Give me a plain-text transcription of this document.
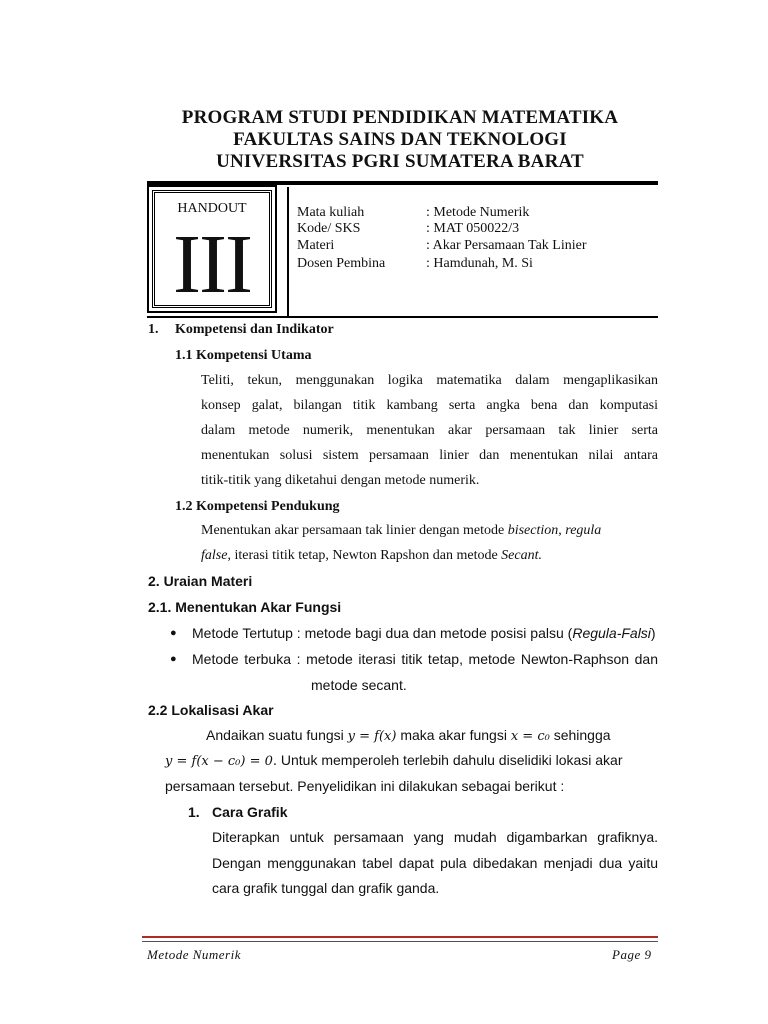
PROGRAM STUDI PENDIDIKAN MATEMATIKA
FAKULTAS SAINS DAN TEKNOLOGI
UNIVERSITAS PGRI SUMATERA BARAT
HANDOUT
III
Mata kuliah	: Metode Numerik
Kode/ SKS	: MAT 050022/3
Materi	: Akar Persamaan Tak Linier
Dosen Pembina	: Hamdunah, M. Si
1. Kompetensi dan Indikator
1.1 Kompetensi Utama
Teliti, tekun, menggunakan logika matematika dalam mengaplikasikan
konsep galat, bilangan titik kambang serta angka bena dan komputasi
dalam metode numerik, menentukan akar persamaan tak linier serta
menentukan solusi sistem persamaan linier dan menentukan nilai antara
titik-titik yang diketahui dengan metode numerik.
1.2 Kompetensi Pendukung
Menentukan akar persamaan tak linier dengan metode bisection, regula
false, iterasi titik tetap, Newton Rapshon dan metode Secant.
2. Uraian Materi
2.1. Menentukan Akar Fungsi
● Metode Tertutup : metode bagi dua dan metode posisi palsu (Regula-Falsi)
● Metode terbuka : metode iterasi titik tetap, metode Newton-Raphson dan
metode secant.
2.2 Lokalisasi Akar
Andaikan suatu fungsi y = f(x) maka akar fungsi x = c₀ sehingga
y = f(x − c₀) = 0. Untuk memperoleh terlebih dahulu diselidiki lokasi akar
persamaan tersebut. Penyelidikan ini dilakukan sebagai berikut :
1. Cara Grafik
Diterapkan untuk persamaan yang mudah digambarkan grafiknya.
Dengan menggunakan tabel dapat pula dibedakan menjadi dua yaitu
cara grafik tunggal dan grafik ganda.
Metode Numerik	Page 9
